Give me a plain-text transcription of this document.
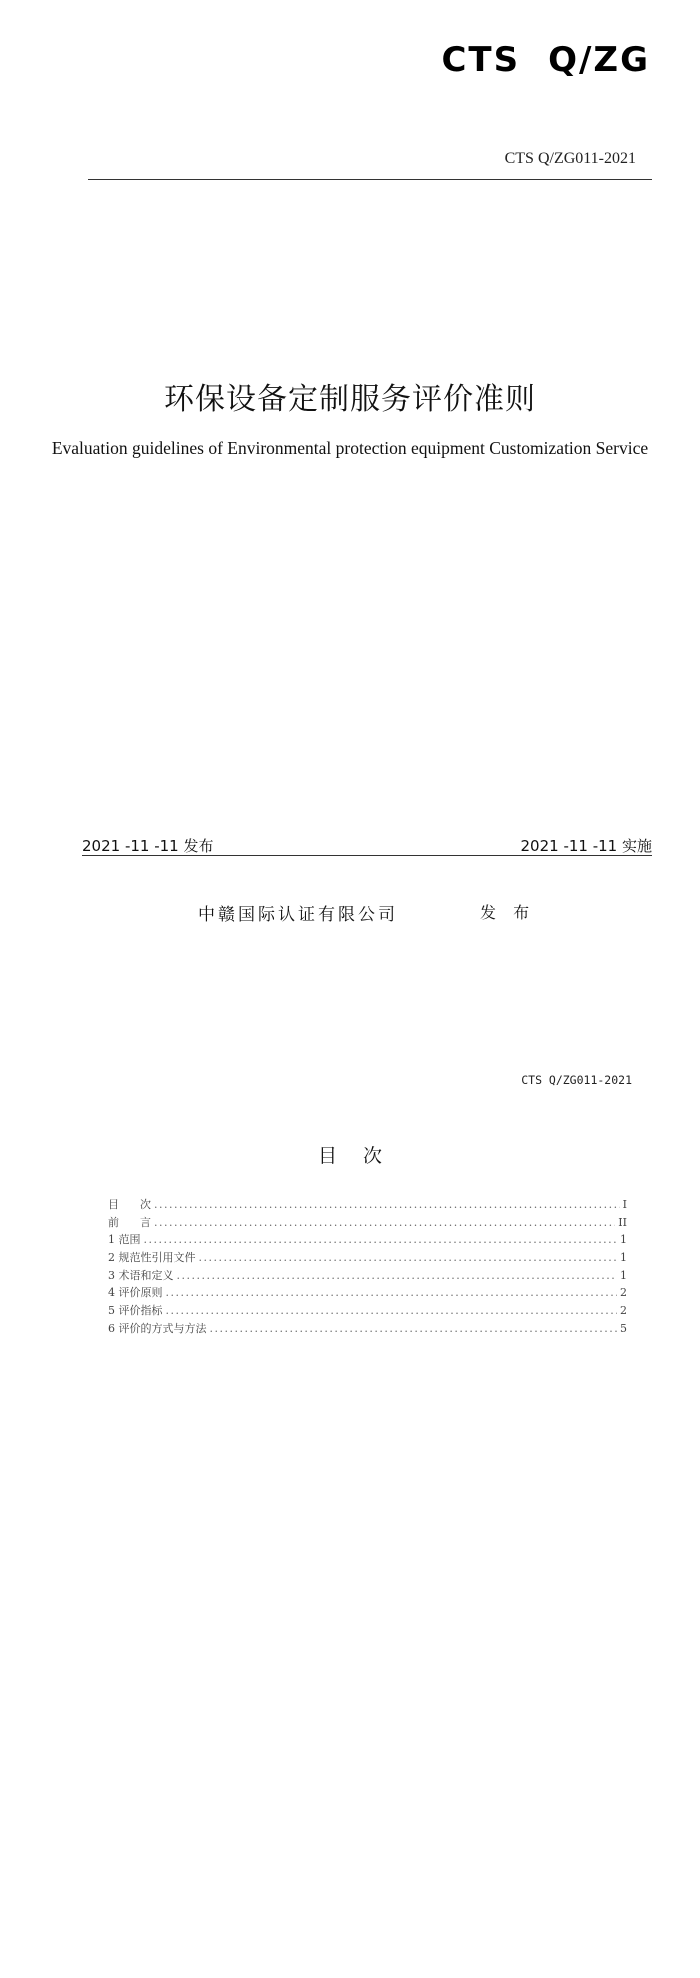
CTS Q/ZG
CTS Q/ZG011-2021
环保设备定制服务评价准则
Evaluation guidelines of Environmental protection equipment Customization Service
2021 -11 -11 发布	2021 -11 -11 实施
中赣国际认证有限公司	发 布
CTS Q/ZG011-2021
目次
目      次 .....	I
前      言 .....	II
1 范围 .....	1
2 规范性引用文件 .....	1
3 术语和定义 .....	1
4 评价原则 .....	2
5 评价指标 .....	2
6 评价的方式与方法 .....	5
